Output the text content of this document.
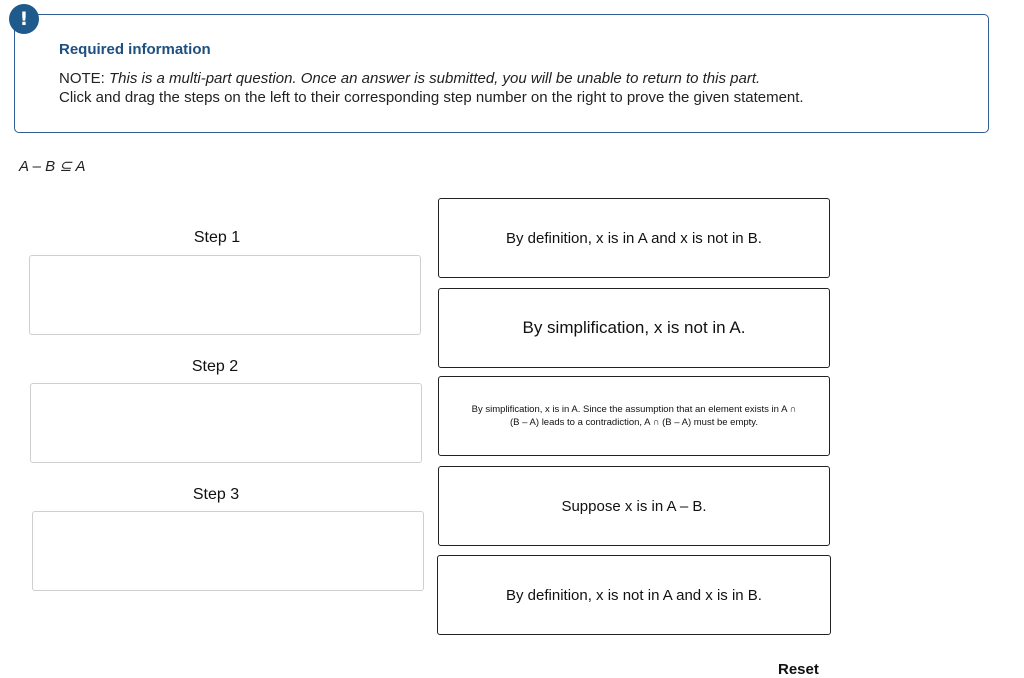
Required information
NOTE: This is a multi-part question. Once an answer is submitted, you will be unable to return to this part.
Click and drag the steps on the left to their corresponding step number on the right to prove the given statement.
!
A – B ⊆ A
Step 1
Step 2
Step 3
By definition, x is in A and x is not in B.
By simplification, x is not in A.
By simplification, x is in A. Since the assumption that an element exists in A ∩ (B – A) leads to a contradiction, A ∩ (B – A) must be empty.
Suppose x is in A – B.
By definition, x is not in A and x is in B.
Reset
